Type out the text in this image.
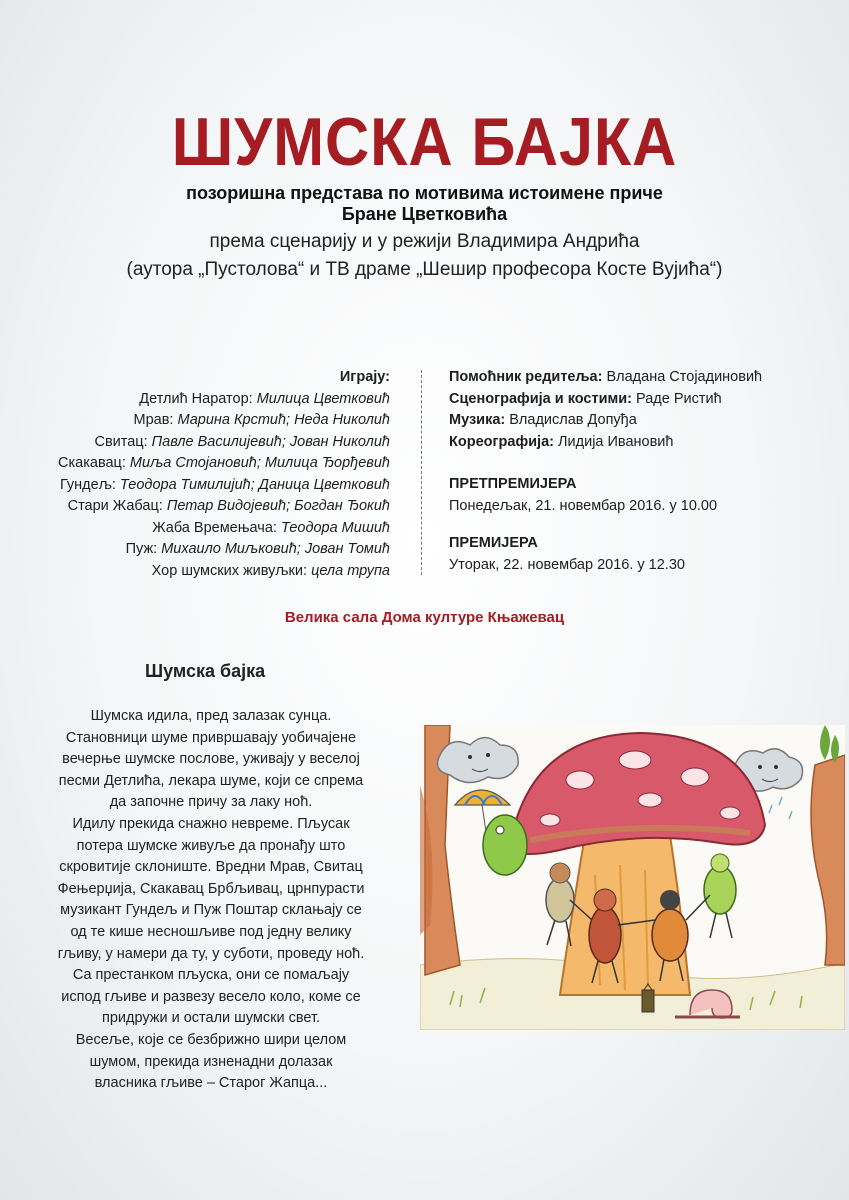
ШУМСКА БАЈКА
позоришна представа по мотивима истоимене приче
Бране Цветковића
према сценарију и у режији Владимира Андрића
(аутора „Пустолова“ и ТВ драме „Шешир професора Косте Вујића“)
Играју:
Детлић Наратор: Милица Цветковић
Мрав: Марина Крстић; Неда Николић
Свитац: Павле Василијевић; Јован Николић
Скакавац: Миља Стојановић; Милица Ђорђевић
Гундељ: Теодора Тимилијић; Даница Цветковић
Стари Жабац: Петар Видојевић; Богдан Ђокић
Жаба Времењача: Теодора Мишић
Пуж: Михаило Миљковић; Јован Томић
Хор шумских живуљки: цела трупа
Помоћник редитеља: Владана Стојадиновић
Сценографија и костими: Раде Ристић
Музика: Владислав Допуђа
Кореографија: Лидија Ивановић
ПРЕТПРЕМИЈЕРА
Понедељак, 21. новембар 2016. у 10.00
ПРЕМИЈЕРА
Уторак, 22. новембар 2016. у 12.30
Велика сала Дома културе Књажевац
Шумска бајка

Шумска идила, пред залазак сунца.

Становници шуме привршавају уобичајене

вечерње шумске послове, уживају у веселој

песми Детлића, лекара шуме, који се спрема

да започне причу за лаку ноћ.

Идилу прекида снажно невреме. Пљусак

потера шумске живуље да пронађу што

скровитије склониште. Вредни Мрав, Свитац

Фењерџија, Скакавац Брбљивац, црнпурасти

музикант Гундељ и Пуж Поштар склањају се

од те кише несношљиве под једну велику

гљиву, у намери да ту, у суботи, проведу ноћ.

Са престанком пљуска, они се помаљају

испод гљиве и развезу весело коло, коме се

придружи и остали шумски свет.

Весеље, које се безбрижно шири целом

шумом, прекида изненадни долазак

власника гљиве – Старог Жапца...
